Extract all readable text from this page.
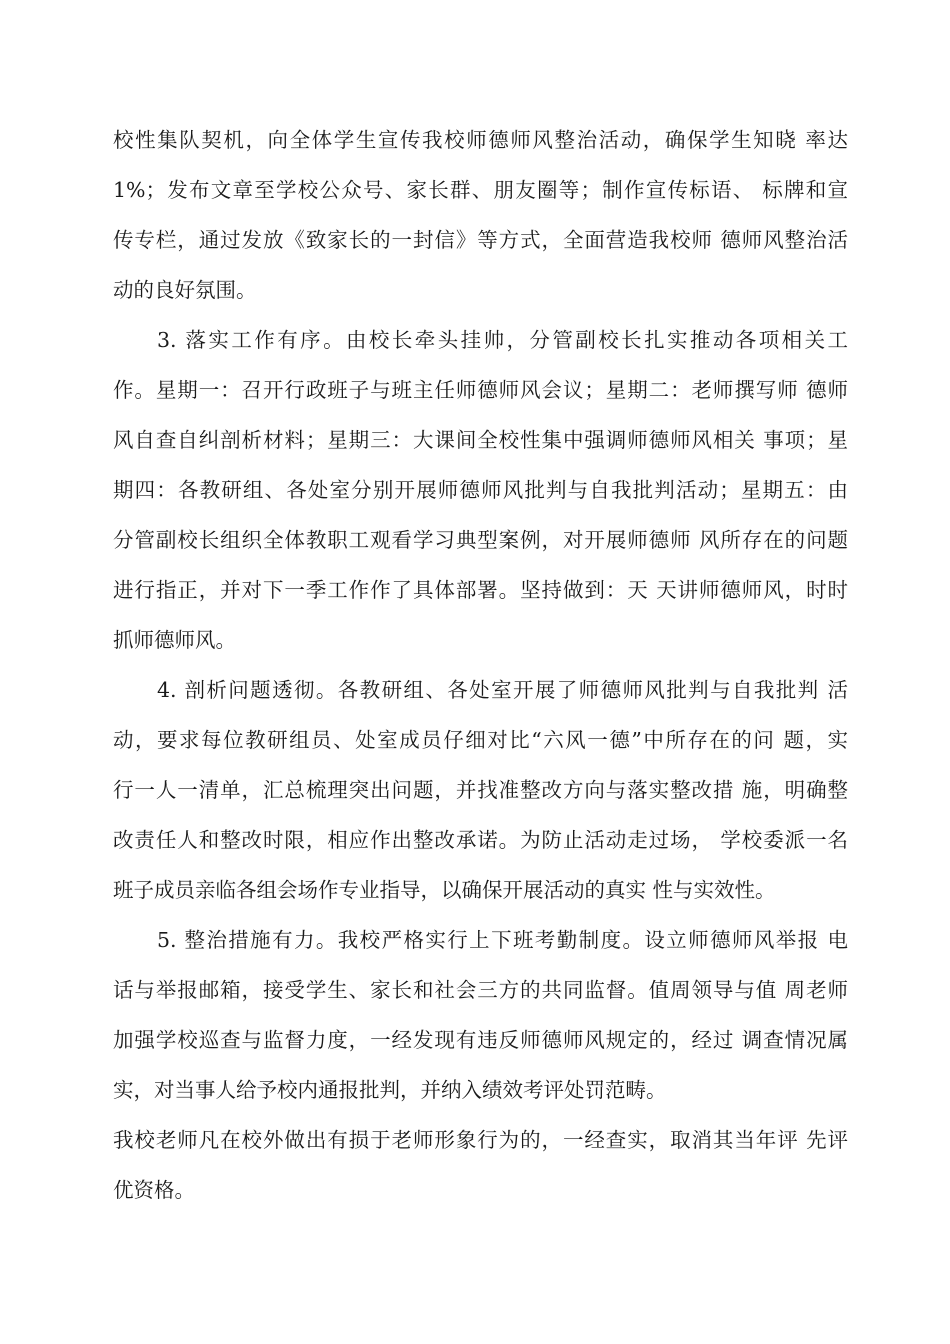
校性集队契机，向全体学生宣传我校师德师风整治活动，确保学生知晓 率达
1%；发布文章至学校公众号、家长群、朋友圈等；制作宣传标语、 标牌和宣
传专栏，通过发放《致家长的一封信》等方式，全面营造我校师 德师风整治活
动的良好氛围。
3. 落实工作有序。由校长牵头挂帅，分管副校长扎实推动各项相关工
作。星期一：召开行政班子与班主任师德师风会议；星期二：老师撰写师 德师
风自查自纠剖析材料；星期三：大课间全校性集中强调师德师风相关 事项；星
期四：各教研组、各处室分别开展师德师风批判与自我批判活动；星期五：由
分管副校长组织全体教职工观看学习典型案例，对开展师德师 风所存在的问题
进行指正，并对下一季工作作了具体部署。坚持做到：天 天讲师德师风，时时
抓师德师风。
4. 剖析问题透彻。各教研组、各处室开展了师德师风批判与自我批判 活
动，要求每位教研组员、处室成员仔细对比“六风一德”中所存在的问 题，实
行一人一清单，汇总梳理突出问题，并找准整改方向与落实整改措 施，明确整
改责任人和整改时限，相应作出整改承诺。为防止活动走过场， 学校委派一名
班子成员亲临各组会场作专业指导，以确保开展活动的真实 性与实效性。
5. 整治措施有力。我校严格实行上下班考勤制度。设立师德师风举报 电
话与举报邮箱，接受学生、家长和社会三方的共同监督。值周领导与值 周老师
加强学校巡查与监督力度，一经发现有违反师德师风规定的，经过 调查情况属
实，对当事人给予校内通报批判，并纳入绩效考评处罚范畴。
我校老师凡在校外做出有损于老师形象行为的，一经查实，取消其当年评 先评
优资格。
